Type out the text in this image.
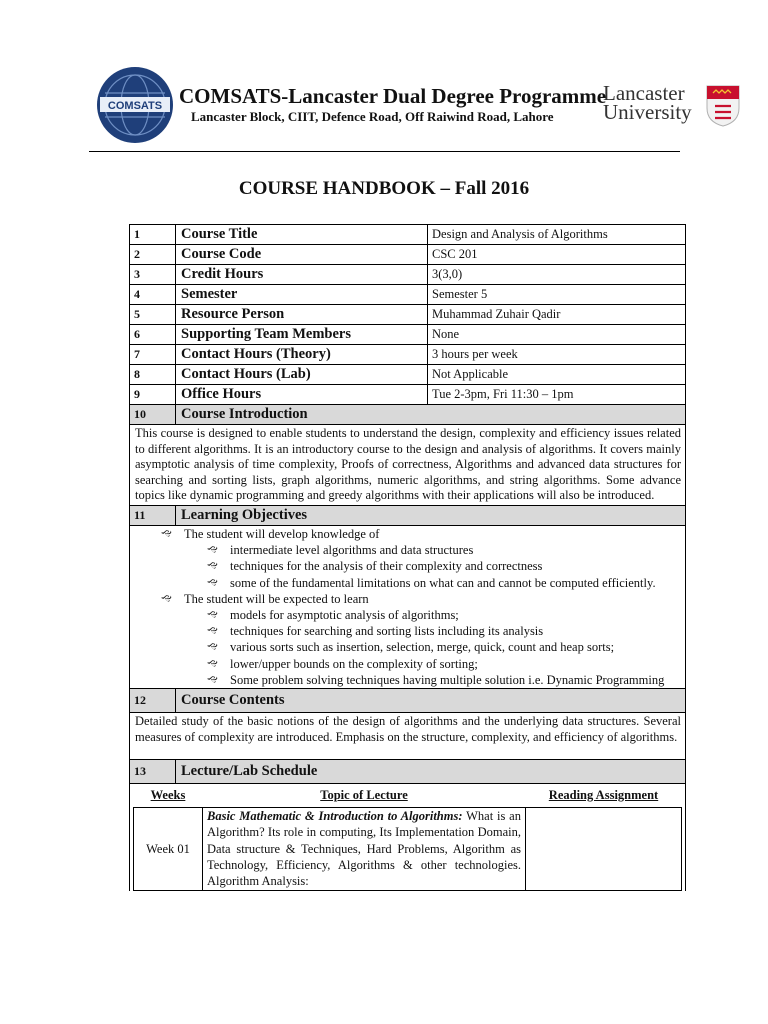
COMSATS COMSATS-Lancaster Dual Degree Programme
Lancaster Block, CIIT, Defence Road, Off Raiwind Road, Lahore
Lancaster
University
COURSE HANDBOOK – Fall 2016
1	Course Title	Design and Analysis of Algorithms
2	Course Code	CSC 201
3	Credit Hours	3(3,0)
4	Semester	Semester 5
5	Resource Person	Muhammad Zuhair Qadir
6	Supporting Team Members	None
7	Contact Hours (Theory)	3 hours per week
8	Contact Hours (Lab)	Not Applicable
9	Office Hours	Tue 2-3pm, Fri 11:30 – 1pm
10	Course Introduction
This course is designed to enable students to understand the design, complexity and efficiency issues related to different algorithms. It is an introductory course to the design and analysis of algorithms. It covers mainly asymptotic analysis of time complexity, Proofs of correctness, Algorithms and advanced data structures for searching and sorting lists, graph algorithms, numeric algorithms, and string algorithms. Some advance topics like dynamic programming and greedy algorithms with their applications will also be introduced.
11	Learning Objectives

🙙 The student will develop knowledge of
🙙 intermediate level algorithms and data structures
🙙 techniques for the analysis of their complexity and correctness
🙙 some of the fundamental limitations on what can and cannot be computed efficiently.
🙙 The student will be expected to learn
🙙 models for asymptotic analysis of algorithms;
🙙 techniques for searching and sorting lists including its analysis
🙙 various sorts such as insertion, selection, merge, quick, count and heap sorts;
🙙 lower/upper bounds on the complexity of sorting;
🙙 Some problem solving techniques having multiple solution i.e. Dynamic Programming

12	Course Contents
Detailed study of the basic notions of the design of algorithms and the underlying data structures. Several measures of complexity are introduced. Emphasis on the structure, complexity, and efficiency of algorithms.
13	Lecture/Lab Schedule

Weeks	Topic of Lecture	Reading Assignment
Week 01	Basic Mathematic & Introduction to Algorithms: What is an Algorithm? Its role in computing, Its Implementation Domain, Data structure & Techniques, Hard Problems, Algorithm as Technology, Efficiency, Algorithms & other technologies. Algorithm Analysis:	
